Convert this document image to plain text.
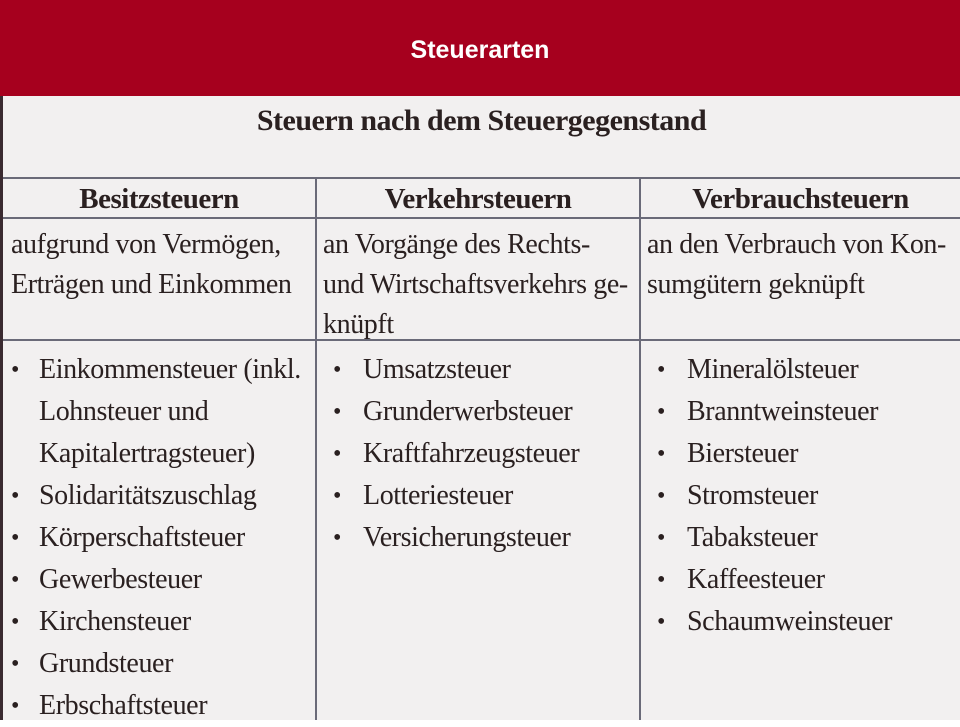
Steuerarten
Steuern nach dem Steuergegenstand
Besitzsteuern
aufgrund von Vermögen,
Erträgen und Einkommen
• Einkommensteuer (inkl.
Lohnsteuer und
Kapitalertragsteuer)
• Solidaritätszuschlag
• Körperschaftsteuer
• Gewerbesteuer
• Kirchensteuer
• Grundsteuer
• Erbschaftsteuer
Verkehrsteuern
an Vorgänge des Rechts-
und Wirtschaftsverkehrs ge-
knüpft
• Umsatzsteuer
• Grunderwerbsteuer
• Kraftfahrzeugsteuer
• Lotteriesteuer
• Versicherungsteuer
Verbrauchsteuern
an den Verbrauch von Kon-
sumgütern geknüpft
• Mineralölsteuer
• Branntweinsteuer
• Biersteuer
• Stromsteuer
• Tabaksteuer
• Kaffeesteuer
• Schaumweinsteuer
